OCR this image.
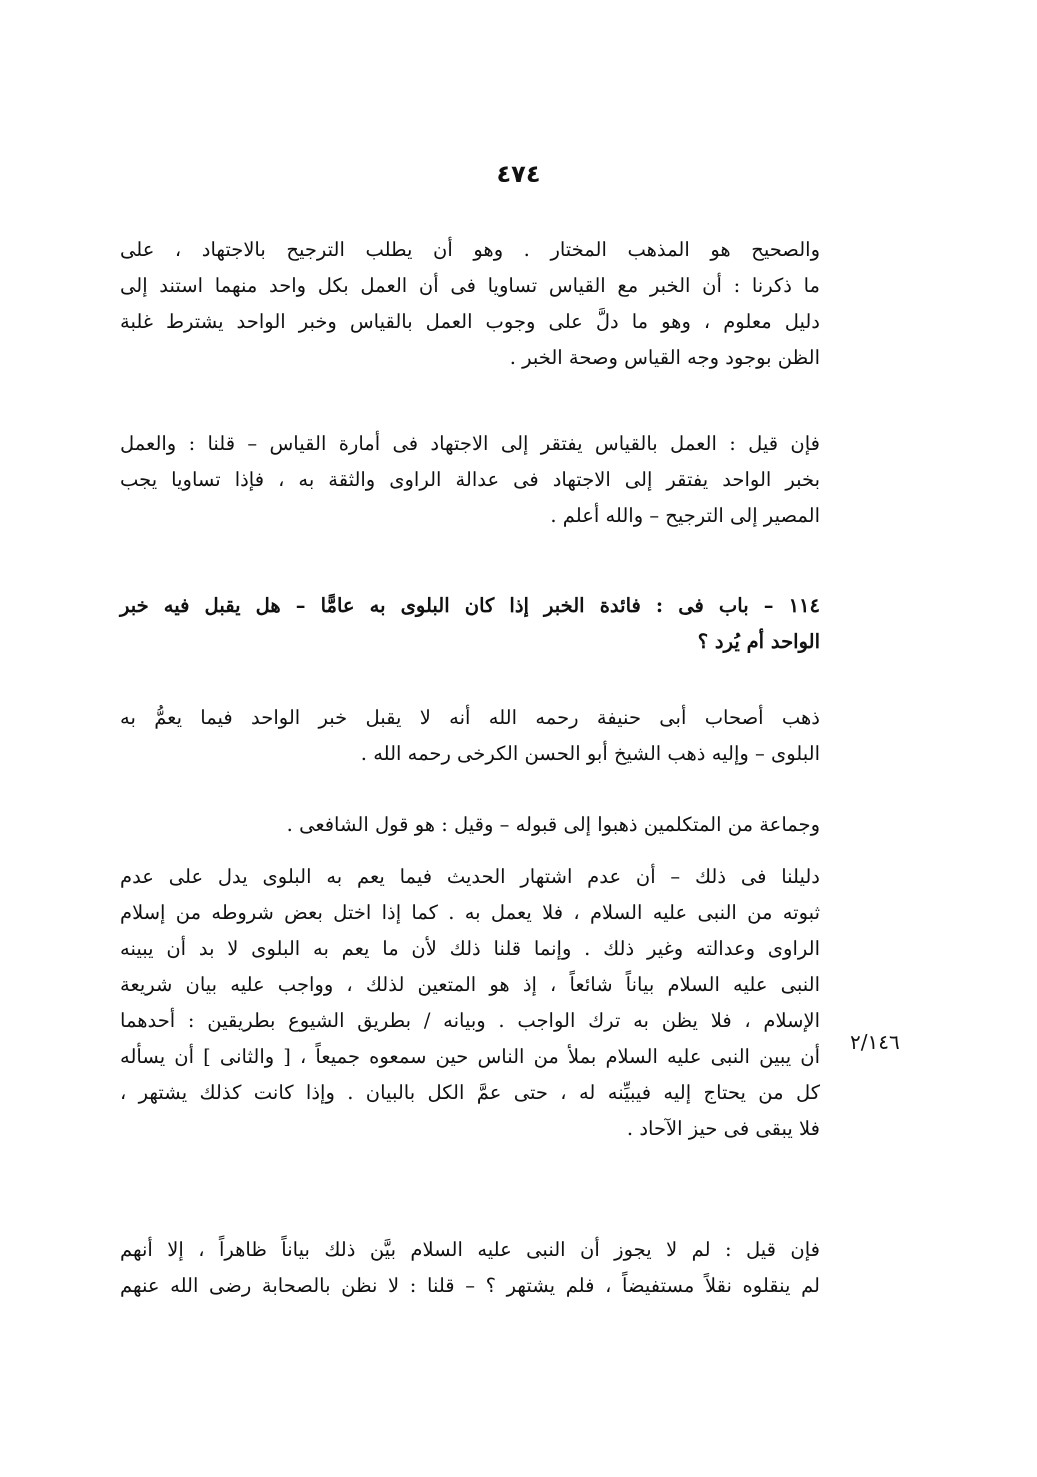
٤٧٤
والصحيح هو المذهب المختار . وهو أن يطلب الترجيح بالاجتهاد ، على
ما ذكرنا : أن الخبر مع القياس تساويا فى أن العمل بكل واحد منهما استند إلى
دليل معلوم ، وهو ما دلَّ على وجوب العمل بالقياس وخبر الواحد يشترط غلبة
الظن بوجود وجه القياس وصحة الخبر .
فإن قيل : العمل بالقياس يفتقر إلى الاجتهاد فى أمارة القياس – قلنا : والعمل
بخبر الواحد يفتقر إلى الاجتهاد فى عدالة الراوى والثقة به ، فإذا تساويا يجب
المصير إلى الترجيح – والله أعلم .
١١٤ – باب فى : فائدة الخبر إذا كان البلوى به عامًّا – هل يقبل فيه خبر
الواحد أم يُرد ؟
ذهب أصحاب أبى حنيفة رحمه الله أنه لا يقبل خبر الواحد فيما يعمُّ به
البلوى – وإليه ذهب الشيخ أبو الحسن الكرخى رحمه الله .
وجماعة من المتكلمين ذهبوا إلى قبوله – وقيل : هو قول الشافعى .
دليلنا فى ذلك – أن عدم اشتهار الحديث فيما يعم به البلوى يدل على عدم
ثبوته من النبى عليه السلام ، فلا يعمل به . كما إذا اختل بعض شروطه من إسلام
الراوى وعدالته وغير ذلك . وإنما قلنا ذلك لأن ما يعم به البلوى لا بد أن يبينه
النبى عليه السلام بياناً شائعاً ، إذ هو المتعين لذلك ، وواجب عليه بيان شريعة
الإسلام ، فلا يظن به ترك الواجب . وبيانه / بطريق الشيوع بطريقين : أحدهما
أن يبين النبى عليه السلام بملأ من الناس حين سمعوه جميعاً ، [ والثانى ] أن يسأله
كل من يحتاج إليه فيبيِّنه له ، حتى عمَّ الكل بالبيان . وإذا كانت كذلك يشتهر ،
فلا يبقى فى حيز الآحاد .
٢/١٤٦
فإن قيل : لم لا يجوز أن النبى عليه السلام بيَّن ذلك بياناً ظاهراً ، إلا أنهم
لم ينقلوه نقلاً مستفيضاً ، فلم يشتهر ؟ – قلنا : لا نظن بالصحابة رضى الله عنهم
